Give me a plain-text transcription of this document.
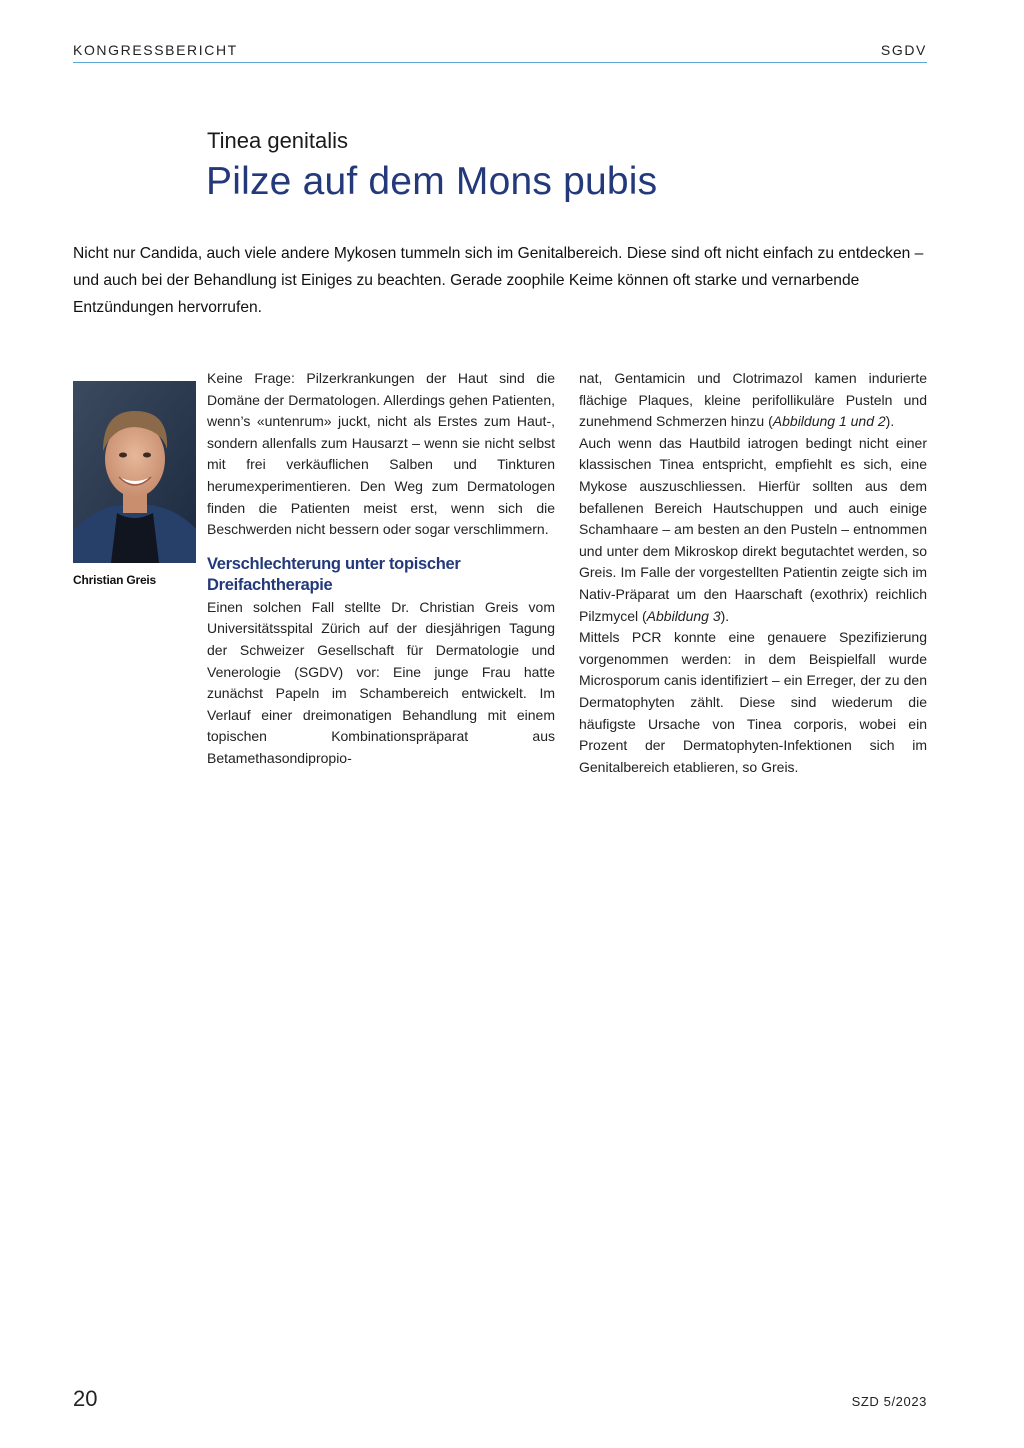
KONGRESSBERICHT	SGDV
Tinea genitalis
Pilze auf dem Mons pubis
Nicht nur Candida, auch viele andere Mykosen tummeln sich im Genitalbereich. Diese sind oft nicht einfach zu entdecken – und auch bei der Behandlung ist Einiges zu beachten. Gerade zoophile Keime können oft starke und vernarbende Entzündungen hervorrufen.
Christian Greis

Keine Frage: Pilzerkrankungen der Haut sind die Domäne der Dermatologen. Allerdings gehen Patienten, wenn’s «untenrum» juckt, nicht als Erstes zum Haut-, sondern allenfalls zum Hausarzt – wenn sie nicht selbst mit frei verkäuflichen Salben und Tinkturen herumexperimentieren. Den Weg zum Dermatologen finden die Patienten meist erst, wenn sich die Beschwerden nicht bessern oder sogar verschlimmern.

Verschlechterung unter topischer Dreifachtherapie

Einen solchen Fall stellte Dr. Christian Greis vom Universitätsspital Zürich auf der diesjährigen Tagung der Schweizer Gesellschaft für Dermatologie und Venerologie (SGDV) vor: Eine junge Frau hatte zunächst Papeln im Schambereich entwickelt. Im Verlauf einer dreimonatigen Behandlung mit einem topischen Kombinationspräparat aus Betamethasondipropio-

nat, Gentamicin und Clotrimazol kamen indurierte flächige Plaques, kleine perifollikuläre Pusteln und zunehmend Schmerzen hinzu (Abbildung 1 und 2).

Auch wenn das Hautbild iatrogen bedingt nicht einer klassischen Tinea entspricht, empfiehlt es sich, eine Mykose auszuschliessen. Hierfür sollten aus dem befallenen Bereich Hautschuppen und auch einige Schamhaare – am besten an den Pusteln – entnommen und unter dem Mikroskop direkt begutachtet werden, so Greis. Im Falle der vorgestellten Patientin zeigte sich im Nativ-Präparat um den Haarschaft (exothrix) reichlich Pilzmycel (Abbildung 3).

Mittels PCR konnte eine genauere Spezifizierung vorgenommen werden: in dem Beispielfall wurde Microsporum canis identifiziert – ein Erreger, der zu den Dermatophyten zählt. Diese sind wiederum die häufigste Ursache von Tinea corporis, wobei ein Prozent der Dermatophyten-Infektionen sich im Genitalbereich etablieren, so Greis.

20	SZD 5/2023
